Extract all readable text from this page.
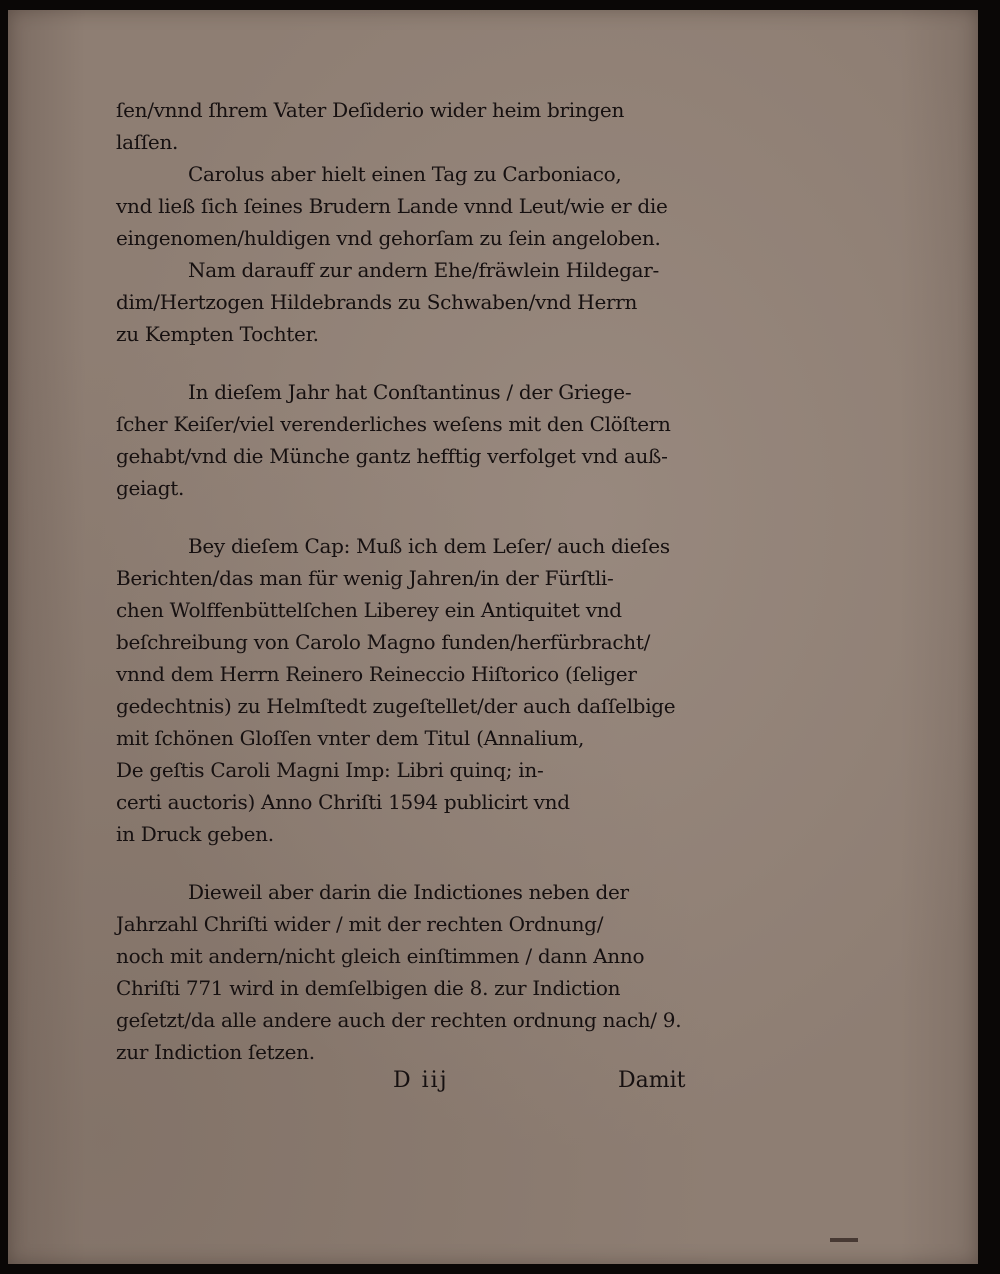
ſen/vnnd ſhrem Vater Deſiderio wider heim bringen
laſſen.
Carolus aber hielt einen Tag zu Carboniaco,
vnd ließ ſich ſeines Brudern Lande vnnd Leut/wie er die
eingenomen/huldigen vnd gehorſam zu ſein angeloben.
Nam darauff zur andern Ehe/fräwlein Hildegar-
dim/Hertzogen Hildebrands zu Schwaben/vnd Herrn
zu Kempten Tochter.
In dieſem Jahr hat Conſtantinus / der Griege-
ſcher Keiſer/viel verenderliches weſens mit den Clöſtern
gehabt/vnd die Münche gantz hefftig verfolget vnd auß-
geiagt.
Bey dieſem Cap: Muß ich dem Leſer/ auch dieſes
Berichten/das man für wenig Jahren/in der Fürſtli-
chen Wolffenbüttelſchen Liberey ein Antiquitet vnd
beſchreibung von Carolo Magno funden/herfürbracht/
vnnd dem Herrn Reinero Reineccio Hiſtorico (ſeliger
gedechtnis) zu Helmſtedt zugeſtellet/der auch daſſelbige
mit ſchönen Gloſſen vnter dem Titul (Annalium,
De geſtis Caroli Magni Imp: Libri quinq; in-
certi auctoris) Anno Chriſti 1594 publicirt vnd
in Druck geben.
Dieweil aber darin die Indictiones neben der
Jahrzahl Chriſti wider / mit der rechten Ordnung/
noch mit andern/nicht gleich einſtimmen / dann Anno
Chriſti 771 wird in demſelbigen die 8. zur Indiction
geſetzt/da alle andere auch der rechten ordnung nach/ 9.
zur Indiction ſetzen.
D iij	Damit
